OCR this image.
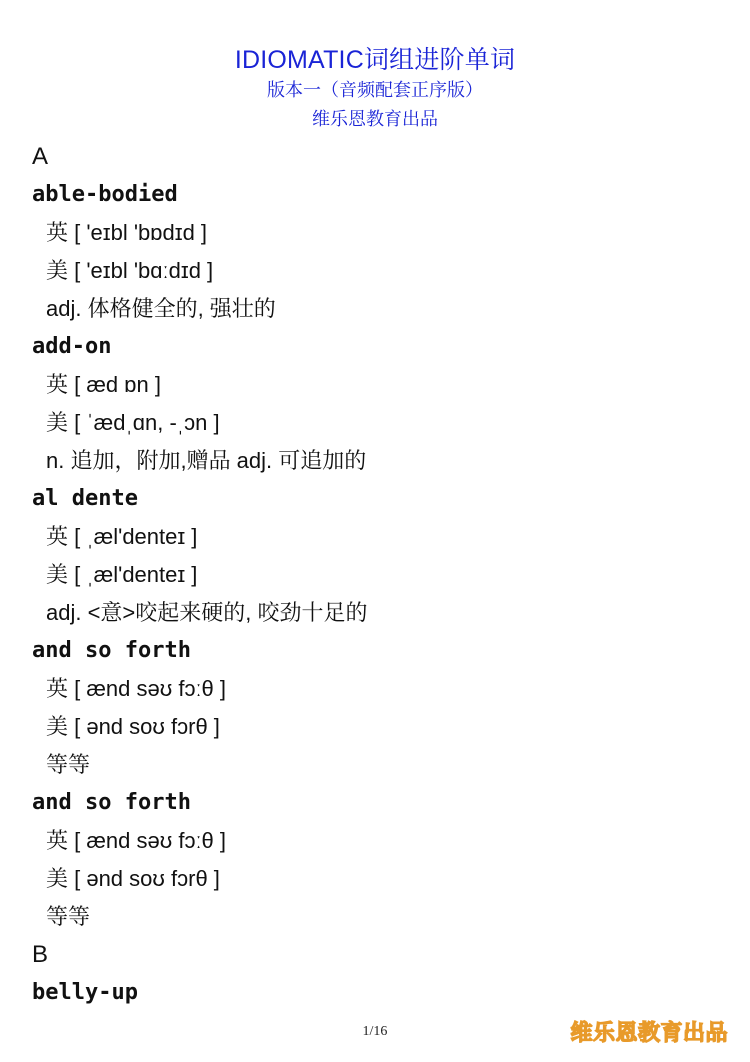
IDIOMATIC词组进阶单词
版本一（音频配套正序版）
维乐恩教育出品
A
able-bodied
英 [ 'eɪbl 'bɒdɪd ]
美 [ 'eɪbl 'bɑːdɪd ]
adj. 体格健全的, 强壮的
add-on
英 [ æd ɒn ]
美 [ ˈædˌɑn, -ˌɔn ]
n. 追加，附加,赠品 adj. 可追加的
al dente
英 [ ˌæl'denteɪ ]
美 [ ˌæl'denteɪ ]
adj. <意>咬起来硬的, 咬劲十足的
and so forth
英 [ ænd səʊ fɔːθ ]
美 [ ənd soʊ fɔrθ ]
等等
and so forth
英 [ ænd səʊ fɔːθ ]
美 [ ənd soʊ fɔrθ ]
等等
B
belly-up
1/16	维乐恩教育出品
